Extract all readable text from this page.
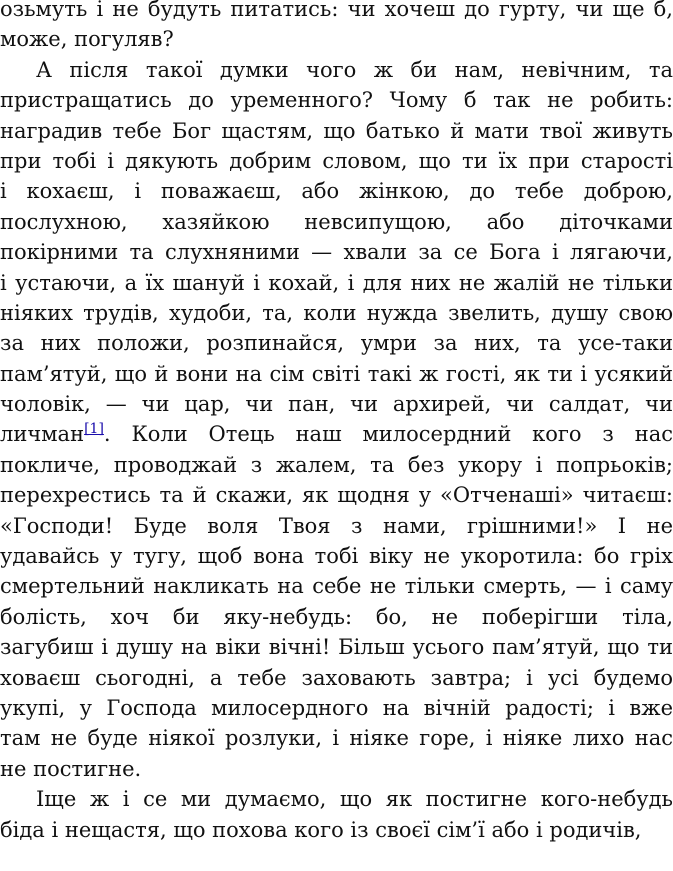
озьмуть і не будуть питатись: чи хочеш до гурту, чи ще б,
може, погуляв?
А після такої думки чого ж би нам, невічним, та
пристращатись до уременного? Чому б так не робить:
наградив тебе Бог щастям, що батько й мати твої живуть
при тобі і дякують добрим словом, що ти їх при старості
і кохаєш, і поважаєш, або жінкою, до тебе доброю,
послухною, хазяйкою невсипущою, або діточками
покірними та слухняними — хвали за се Бога і лягаючи,
і устаючи, а їх шануй і кохай, і для них не жалій не тільки
ніяких трудів, худоби, та, коли нужда звелить, душу свою
за них положи, розпинайся, умри за них, та усе-таки
пам’ятуй, що й вони на сім світі такі ж гості, як ти і усякий
чоловік, — чи цар, чи пан, чи архирей, чи салдат, чи
личман[1]. Коли Отець наш милосердний кого з нас
покличе, проводжай з жалем, та без укору і попрьоків;
перехрестись та й скажи, як щодня у «Отченаші» читаєш:
«Господи! Буде воля Твоя з нами, грішними!» І не
удавайсь у тугу, щоб вона тобі віку не укоротила: бо гріх
смертельний накликать на себе не тільки смерть, — і саму
болість, хоч би яку-небудь: бо, не поберігши тіла,
загубиш і душу на віки вічні! Більш усього пам’ятуй, що ти
ховаєш сьогодні, а тебе заховають завтра; і усі будемо
укупі, у Господа милосердного на вічній радості; і вже
там не буде ніякої розлуки, і ніяке горе, і ніяке лихо нас
не постигне.
Іще ж і се ми думаємо, що як постигне кого-небудь
біда і нещастя, що похова кого із своєї сім’ї або і родичів,
